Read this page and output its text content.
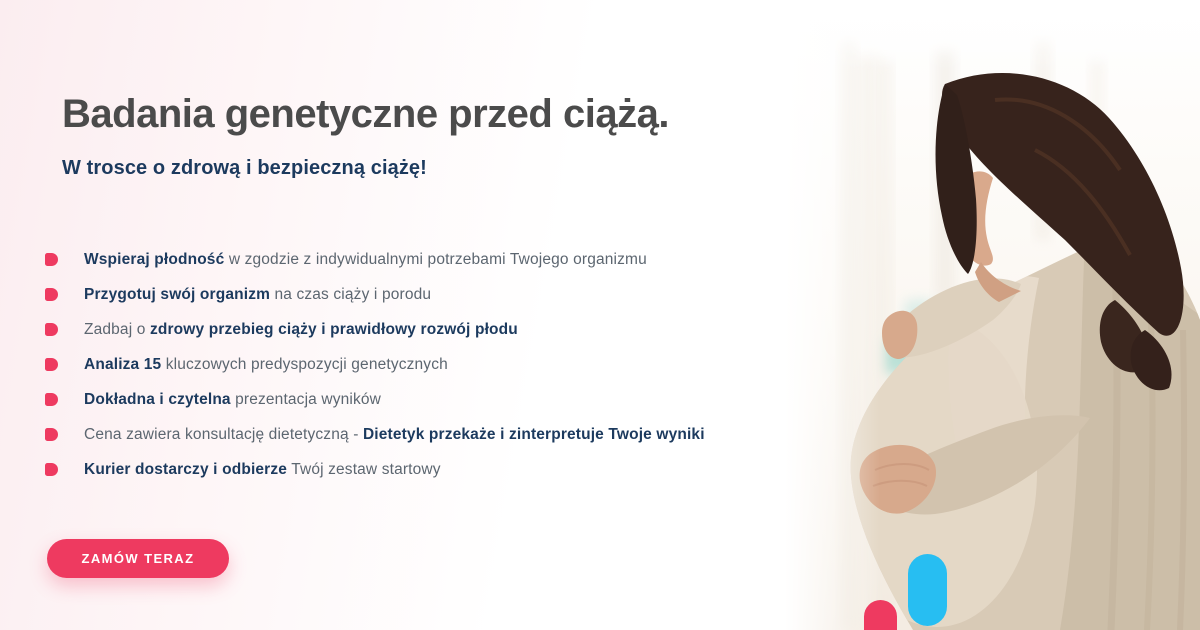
Badania genetyczne przed ciążą.
W trosce o zdrową i bezpieczną ciążę!

Wspieraj płodność w zgodzie z indywidualnymi potrzebami Twojego organizmu

Przygotuj swój organizm na czas ciąży i porodu

Zadbaj o zdrowy przebieg ciąży i prawidłowy rozwój płodu

Analiza 15 kluczowych predyspozycji genetycznych

Dokładna i czytelna prezentacja wyników

Cena zawiera konsultację dietetyczną - Dietetyk przekaże i zinterpretuje Twoje wyniki

Kurier dostarczy i odbierze Twój zestaw startowy

ZAMÓW TERAZ
